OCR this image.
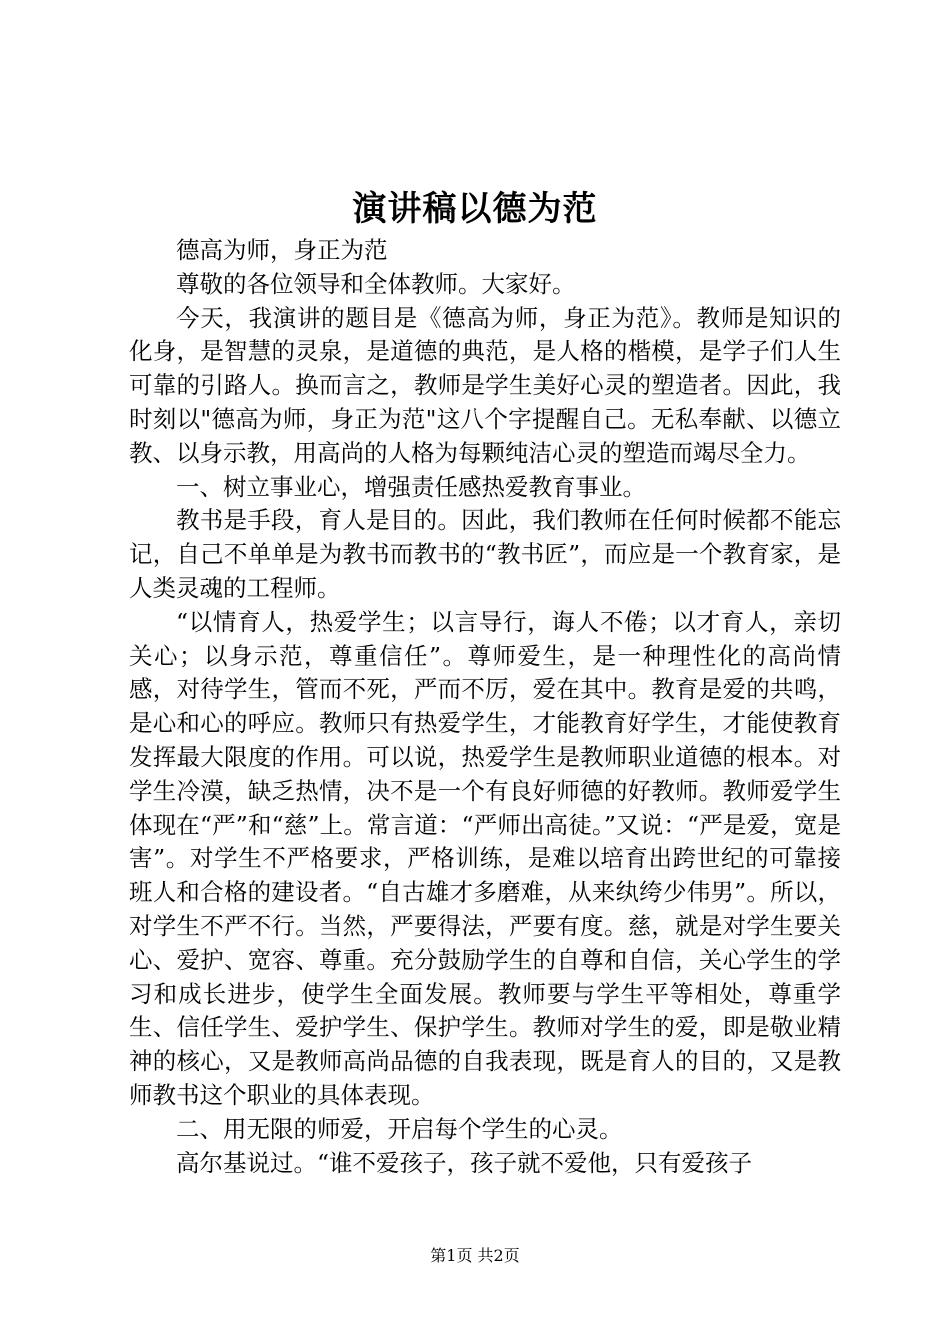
演讲稿以德为范

德高为师，身正为范

尊敬的各位领导和全体教师。大家好。

今天，我演讲的题目是《德高为师，身正为范》。教师是知识的化身，是智慧的灵泉，是道德的典范，是人格的楷模，是学子们人生可靠的引路人。换而言之，教师是学生美好心灵的塑造者。因此，我时刻以"德高为师，身正为范"这八个字提醒自己。无私奉献、以德立教、以身示教，用高尚的人格为每颗纯洁心灵的塑造而竭尽全力。

一、树立事业心，增强责任感热爱教育事业。

教书是手段，育人是目的。因此，我们教师在任何时候都不能忘记，自己不单单是为教书而教书的“教书匠”，而应是一个教育家，是人类灵魂的工程师。

“以情育人，热爱学生；以言导行，诲人不倦；以才育人，亲切关心；以身示范，尊重信任”。尊师爱生，是一种理性化的高尚情感，对待学生，管而不死，严而不厉，爱在其中。教育是爱的共鸣，是心和心的呼应。教师只有热爱学生，才能教育好学生，才能使教育发挥最大限度的作用。可以说，热爱学生是教师职业道德的根本。对学生冷漠，缺乏热情，决不是一个有良好师德的好教师。教师爱学生体现在“严”和“慈”上。常言道：“严师出高徒。”又说：“严是爱，宽是害”。对学生不严格要求，严格训练，是难以培育出跨世纪的可靠接班人和合格的建设者。“自古雄才多磨难，从来纨绔少伟男”。所以，对学生不严不行。当然，严要得法，严要有度。慈，就是对学生要关心、爱护、宽容、尊重。充分鼓励学生的自尊和自信，关心学生的学习和成长进步，使学生全面发展。教师要与学生平等相处，尊重学生、信任学生、爱护学生、保护学生。教师对学生的爱，即是敬业精神的核心，又是教师高尚品德的自我表现，既是育人的目的，又是教师教书这个职业的具体表现。

二、用无限的师爱，开启每个学生的心灵。

高尔基说过。“谁不爱孩子，孩子就不爱他，只有爱孩子

第1页 共2页
